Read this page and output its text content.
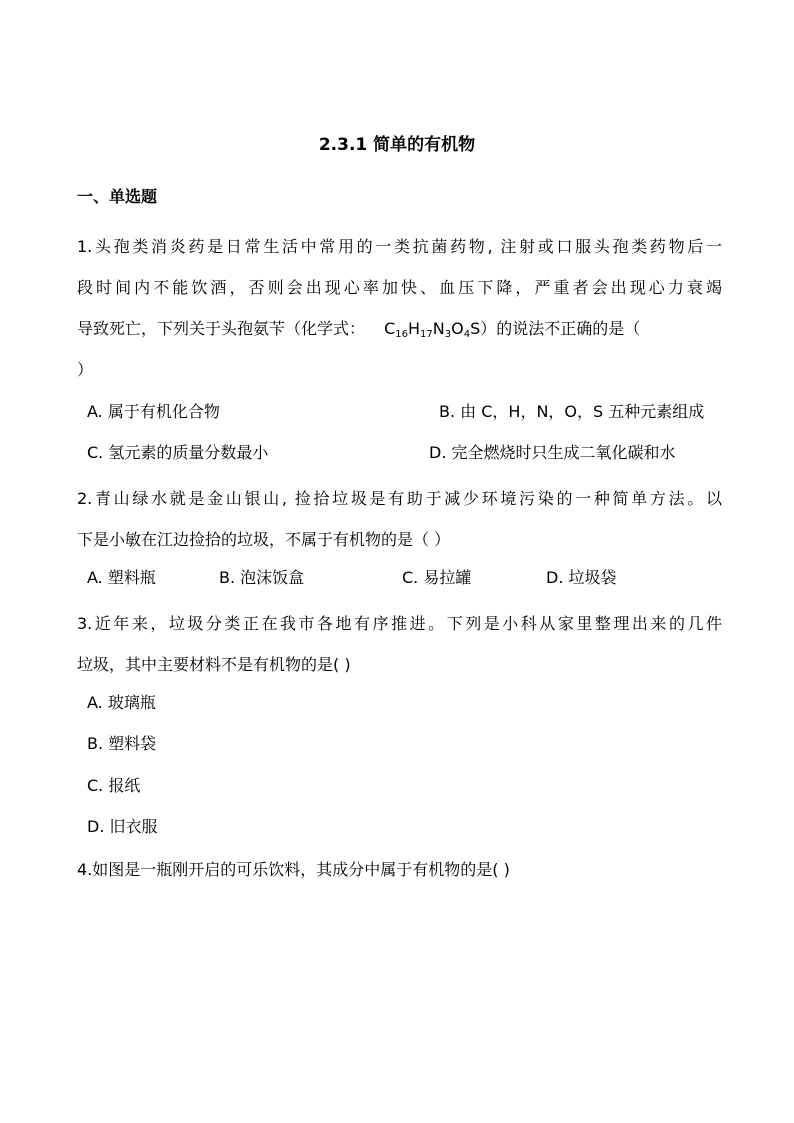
2.3.1 简单的有机物
一、单选题
1.头孢类消炎药是日常生活中常用的一类抗菌药物, 注射或口服头孢类药物后一
段时间内不能饮酒，否则会出现心率加快、血压下降，严重者会出现心力衰竭
导致死亡，下列关于头孢氨苄（化学式： $C_{16}H_{17}N_3O_4S$）的说法不正确的是（
）
A. 属于有机化合物	B. 由 C，H，N，O，S 五种元素组成
C. 氢元素的质量分数最小	D. 完全燃烧时只生成二氧化碳和水
2.青山绿水就是金山银山, 捡拾垃圾是有助于减少环境污染的一种简单方法。以
下是小敏在江边捡拾的垃圾，不属于有机物的是（ ）
A. 塑料瓶	B. 泡沫饭盒	C. 易拉罐	D. 垃圾袋
3.近年来，垃圾分类正在我市各地有序推进。下列是小科从家里整理出来的几件
垃圾，其中主要材料不是有机物的是( )
A. 玻璃瓶
B. 塑料袋
C. 报纸
D. 旧衣服
4.如图是一瓶刚开启的可乐饮料，其成分中属于有机物的是( )
